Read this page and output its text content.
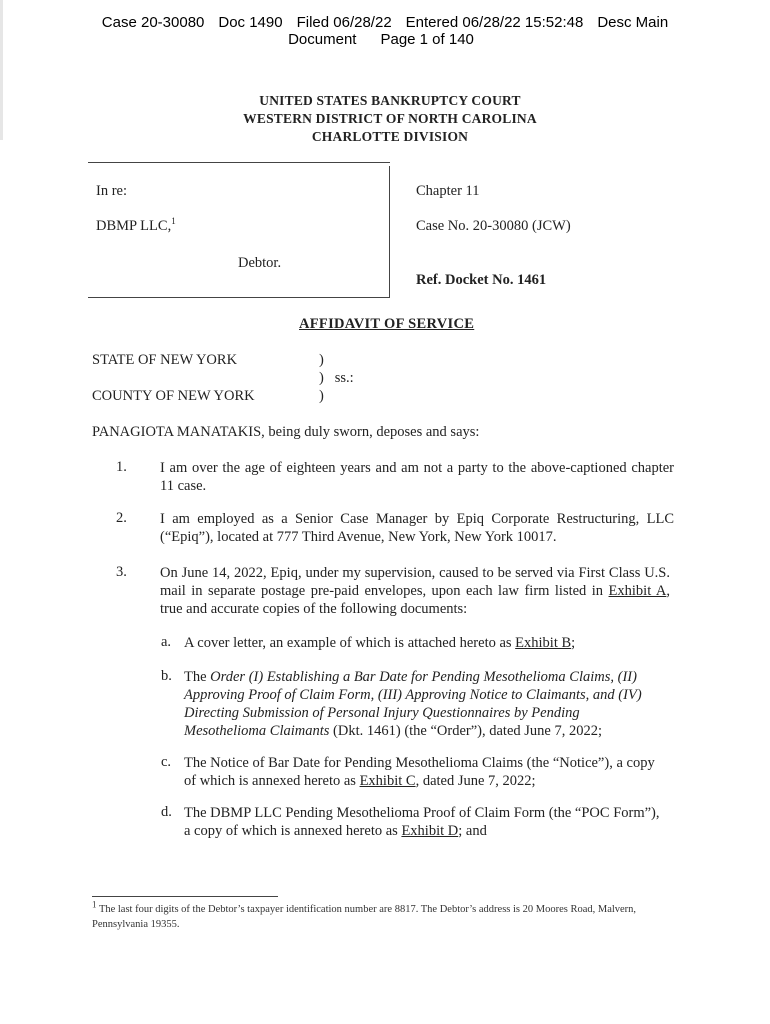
Case 20-30080 Doc 1490 Filed 06/28/22 Entered 06/28/22 15:52:48 Desc Main
Document Page 1 of 140
UNITED STATES BANKRUPTCY COURT
WESTERN DISTRICT OF NORTH CAROLINA
CHARLOTTE DIVISION
In re:
DBMP LLC,$^1$
Debtor.
Chapter 11
Case No. 20-30080 (JCW)
Ref. Docket No. 1461
AFFIDAVIT OF SERVICE
STATE OF NEW YORK
COUNTY OF NEW YORK
)
)   ss.:
)
PANAGIOTA MANATAKIS, being duly sworn, deposes and says:
1. I am over the age of eighteen years and am not a party to the above-captioned chapter 11 case.
2. I am employed as a Senior Case Manager by Epiq Corporate Restructuring, LLC (“Epiq”), located at 777 Third Avenue, New York, New York 10017.
3. On June 14, 2022, Epiq, under my supervision, caused to be served via First Class U.S. mail in separate postage pre-paid envelopes, upon each law firm listed in Exhibit A, true and accurate copies of the following documents:
a. A cover letter, an example of which is attached hereto as Exhibit B;
b. The Order (I) Establishing a Bar Date for Pending Mesothelioma Claims, (II) Approving Proof of Claim Form, (III) Approving Notice to Claimants, and (IV) Directing Submission of Personal Injury Questionnaires by Pending Mesothelioma Claimants (Dkt. 1461) (the “Order”), dated June 7, 2022;
c. The Notice of Bar Date for Pending Mesothelioma Claims (the “Notice”), a copy of which is annexed hereto as Exhibit C, dated June 7, 2022;
d. The DBMP LLC Pending Mesothelioma Proof of Claim Form (the “POC Form”), a copy of which is annexed hereto as Exhibit D; and
$^1$ The last four digits of the Debtor’s taxpayer identification number are 8817. The Debtor’s address is 20 Moores Road, Malvern, Pennsylvania 19355.
